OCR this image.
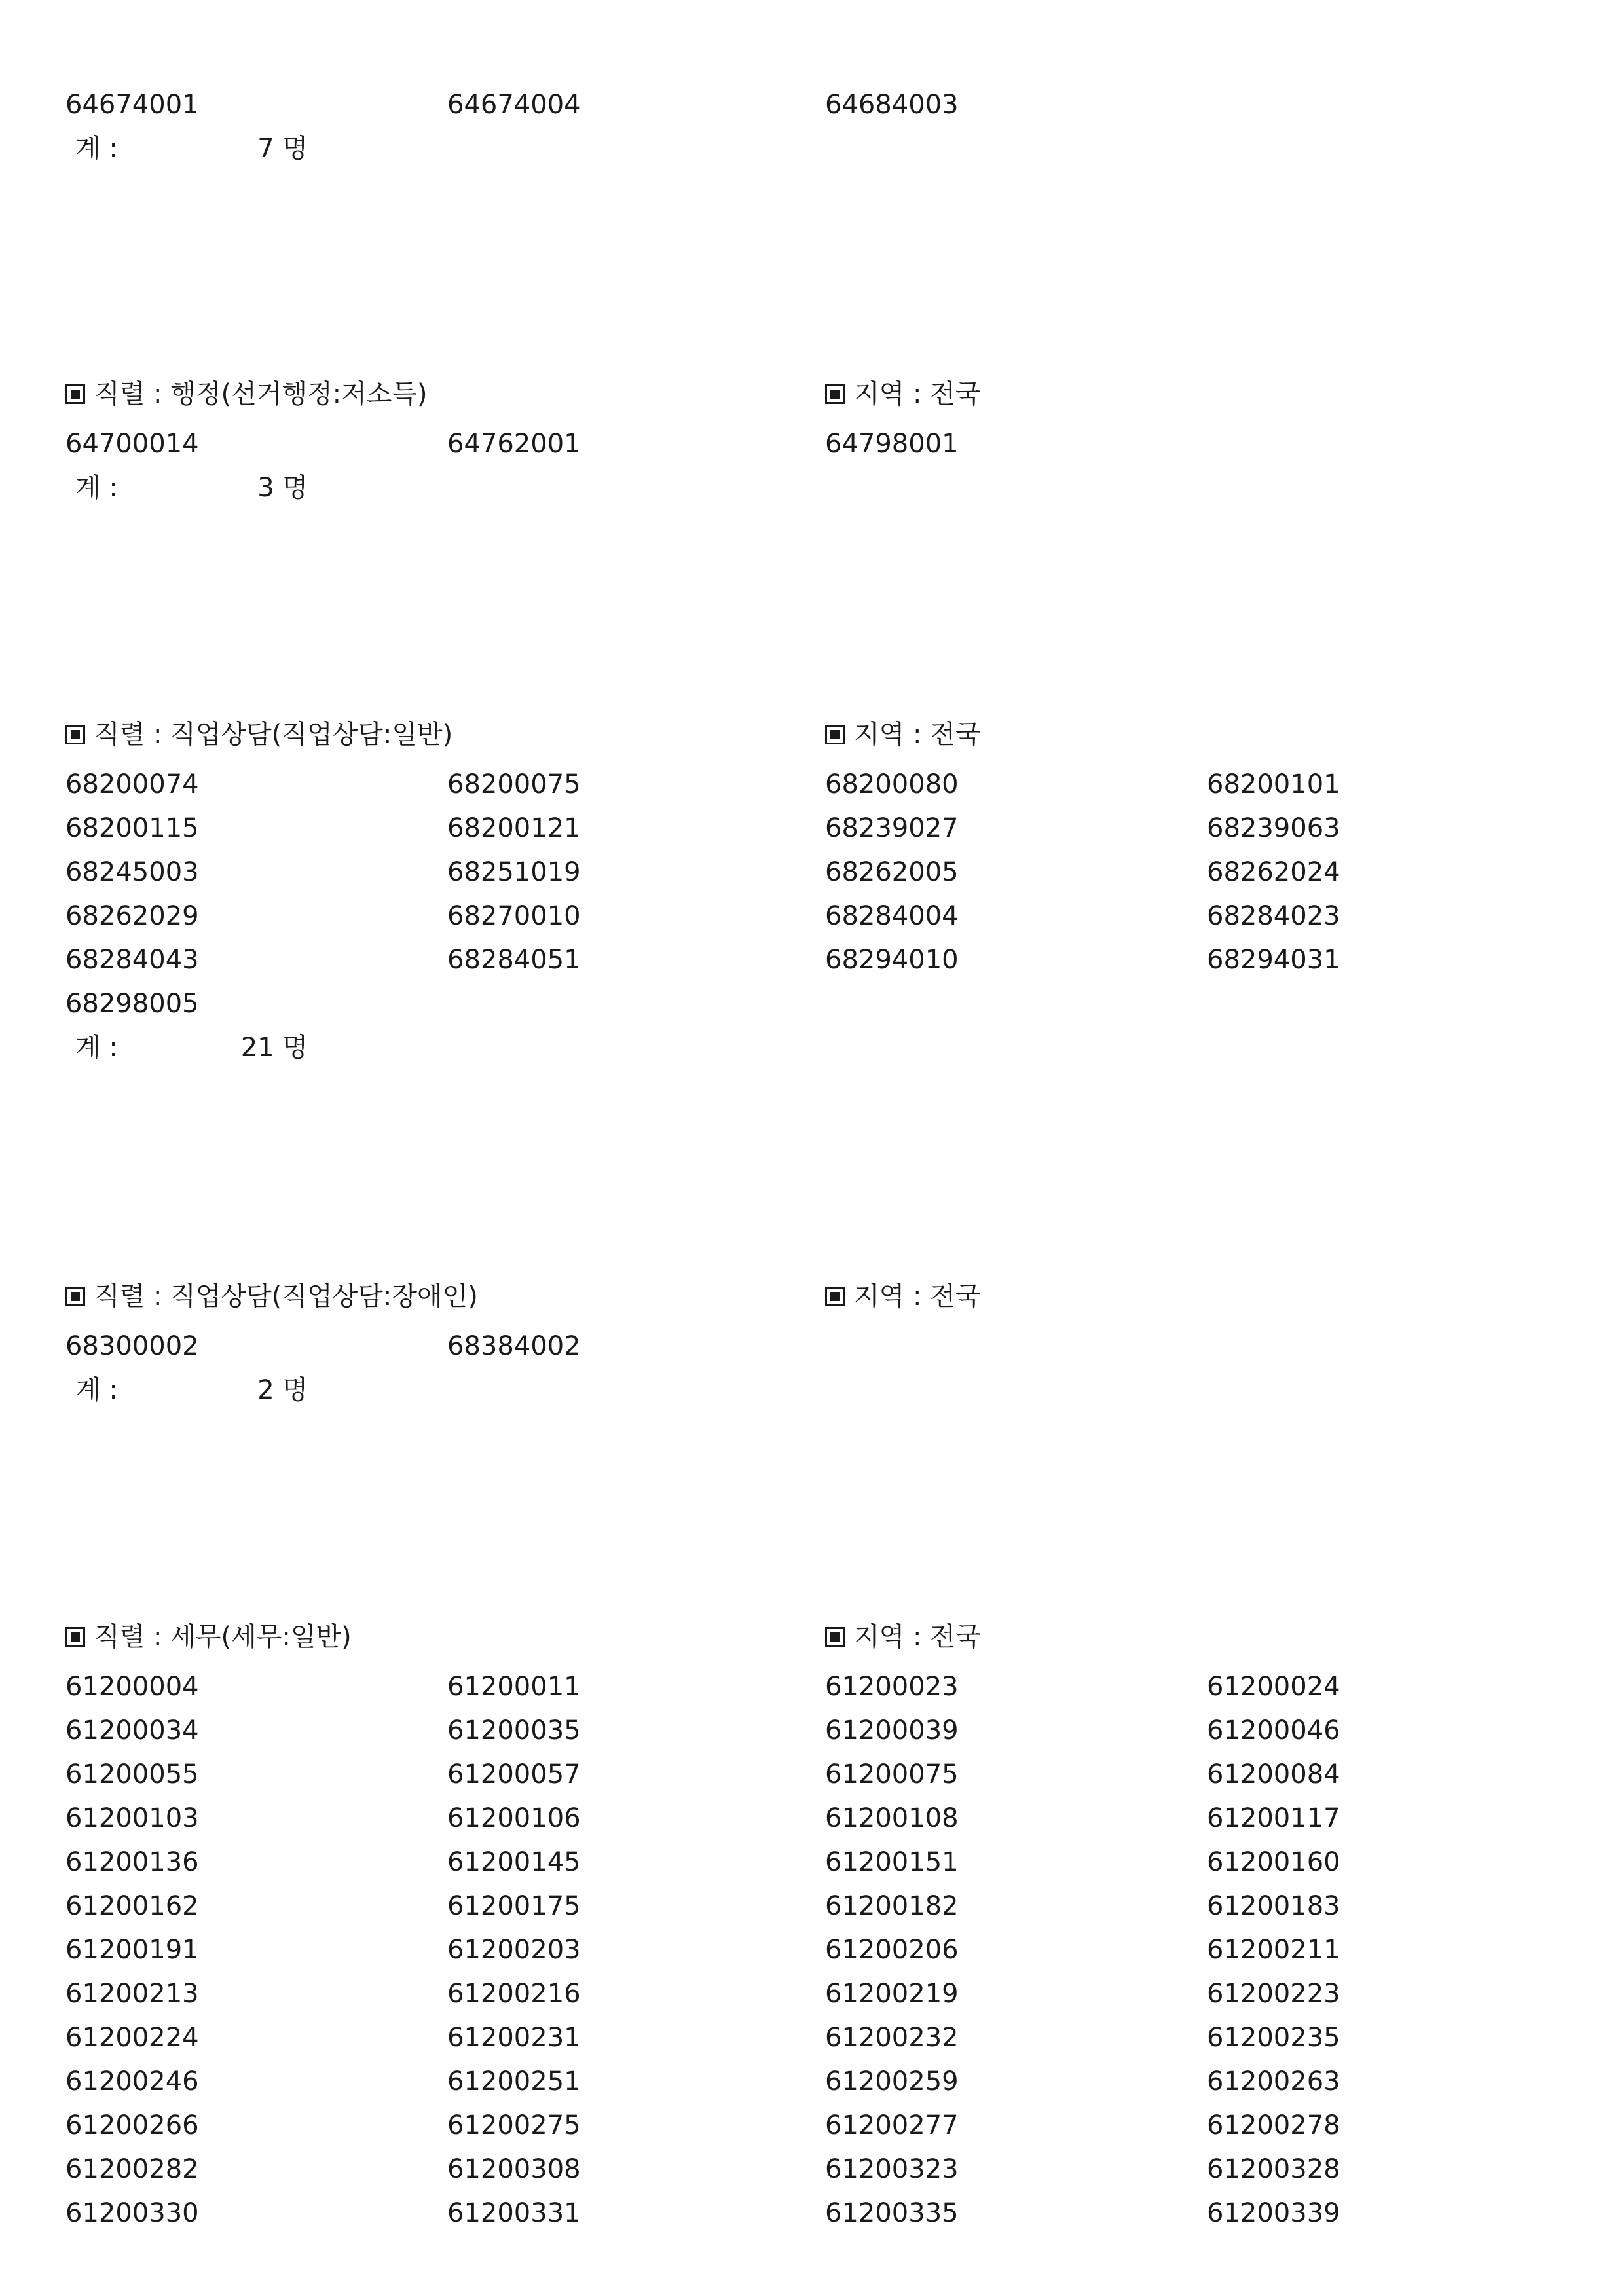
64674001	64674004	64684003
계 :	7 명
직렬 : 행정(선거행정:저소득)	지역 : 전국
64700014	64762001	64798001
계 :	3 명
직렬 : 직업상담(직업상담:일반)	지역 : 전국
68200074	68200075	68200080	68200101
68200115	68200121	68239027	68239063
68245003	68251019	68262005	68262024
68262029	68270010	68284004	68284023
68284043	68284051	68294010	68294031
68298005
계 :	21 명
직렬 : 직업상담(직업상담:장애인)	지역 : 전국
68300002	68384002
계 :	2 명
직렬 : 세무(세무:일반)	지역 : 전국
61200004	61200011	61200023	61200024
61200034	61200035	61200039	61200046
61200055	61200057	61200075	61200084
61200103	61200106	61200108	61200117
61200136	61200145	61200151	61200160
61200162	61200175	61200182	61200183
61200191	61200203	61200206	61200211
61200213	61200216	61200219	61200223
61200224	61200231	61200232	61200235
61200246	61200251	61200259	61200263
61200266	61200275	61200277	61200278
61200282	61200308	61200323	61200328
61200330	61200331	61200335	61200339
